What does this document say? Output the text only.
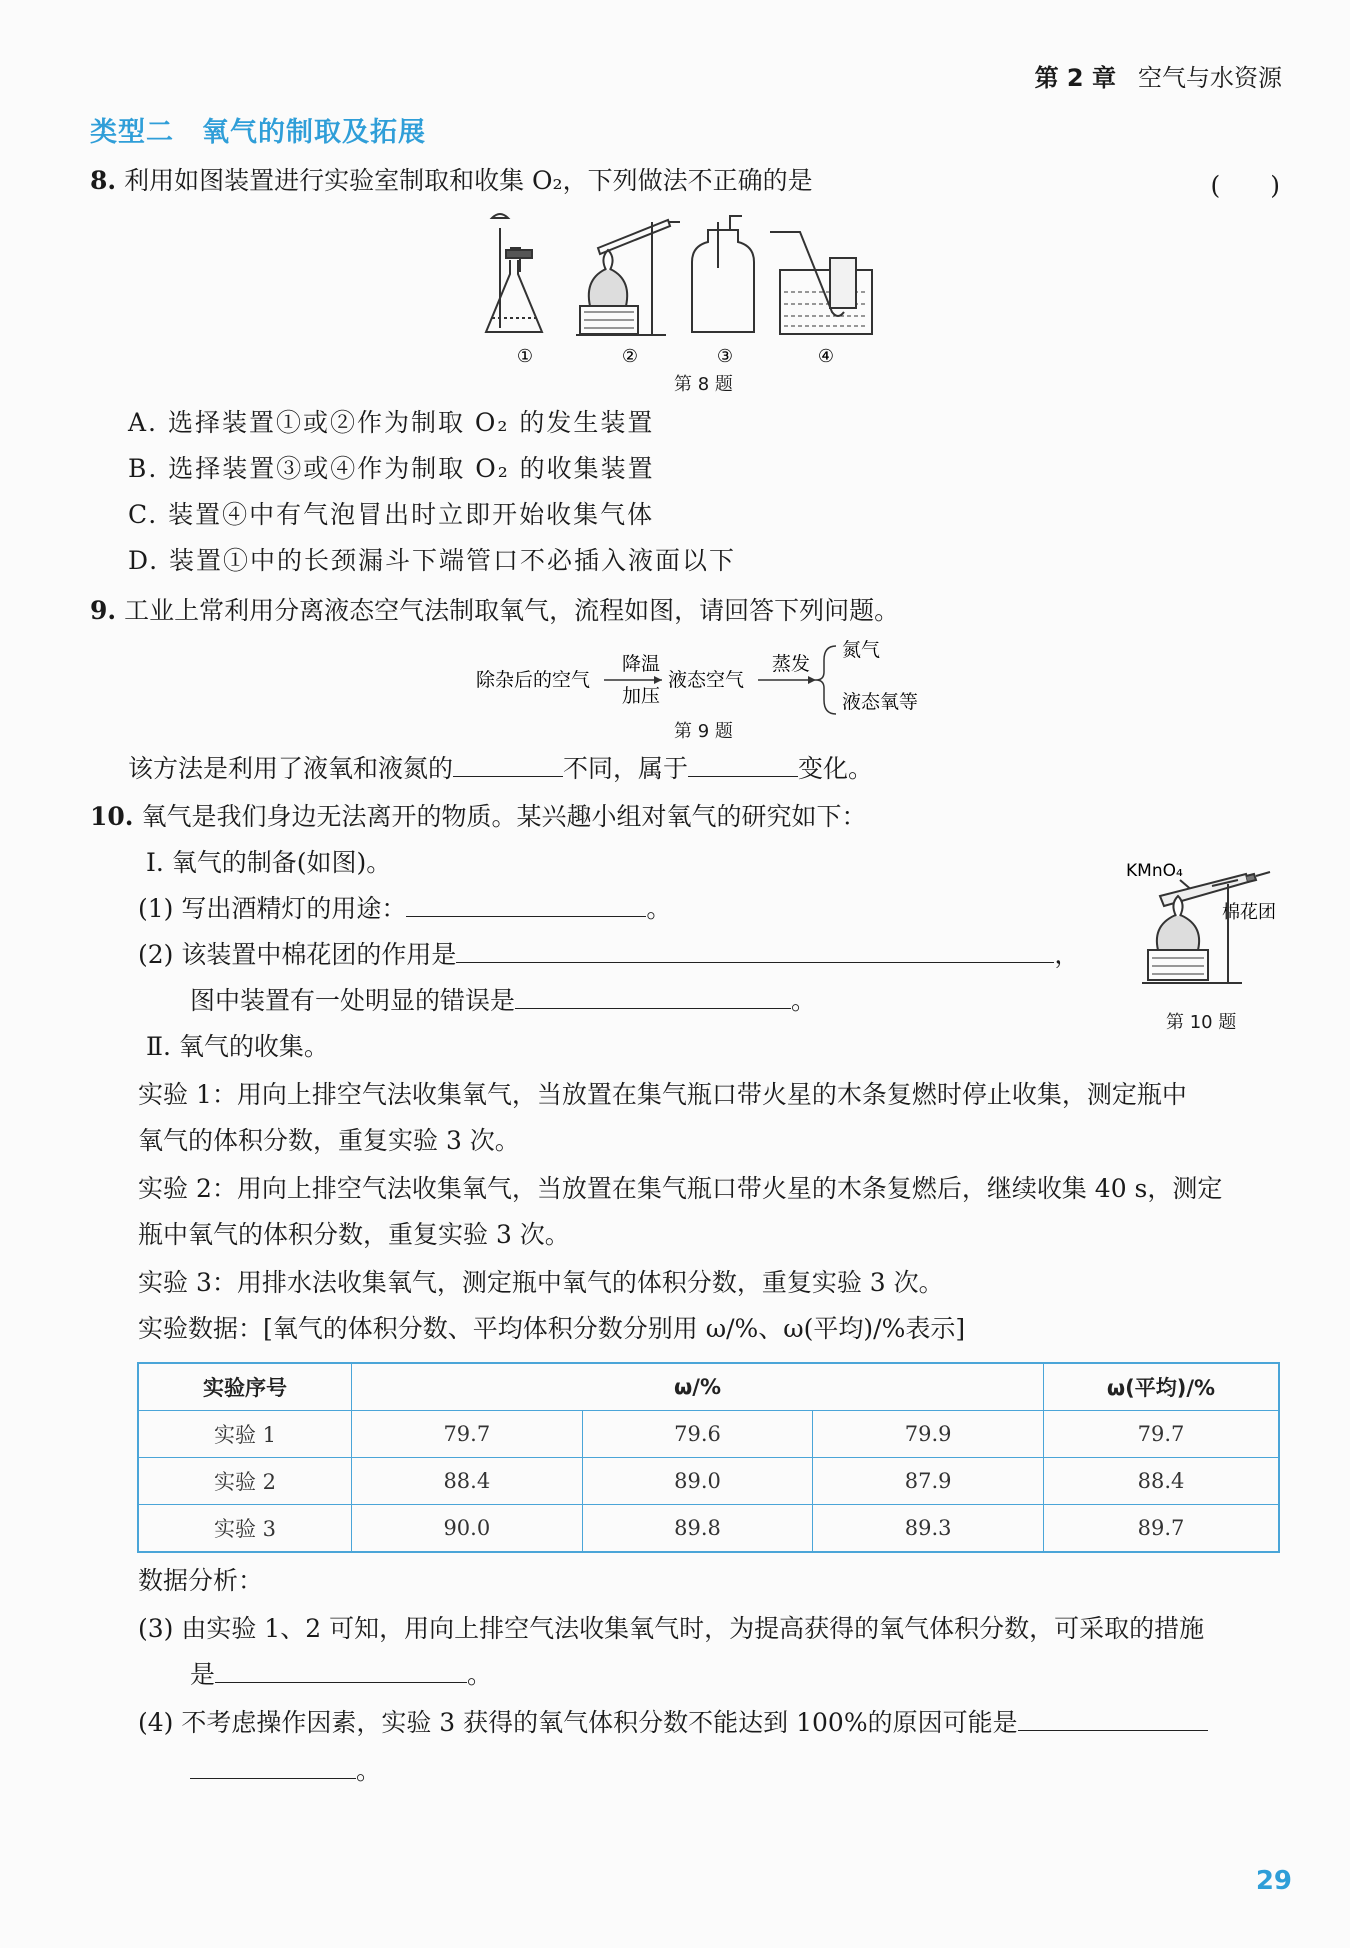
第 2 章 空气与水资源
类型二　氧气的制取及拓展
8. 利用如图装置进行实验室制取和收集 O₂，下列做法不正确的是	(　　)
①	②	③	④
第 8 题
A. 选择装置①或②作为制取 O₂ 的发生装置
B. 选择装置③或④作为制取 O₂ 的收集装置
C. 装置④中有气泡冒出时立即开始收集气体
D. 装置①中的长颈漏斗下端管口不必插入液面以下
9. 工业上常利用分离液态空气法制取氧气，流程如图，请回答下列问题。
除杂后的空气
降温
加压
液态空气
蒸发
氮气
液态氧等
第 9 题
该方法是利用了液氧和液氮的	不同，属于	变化。
10. 氧气是我们身边无法离开的物质。某兴趣小组对氧气的研究如下：
Ⅰ. 氧气的制备(如图)。
(1) 写出酒精灯的用途：	。
(2) 该装置中棉花团的作用是	，
图中装置有一处明显的错误是	。
KMnO₄
棉花团
第 10 题
Ⅱ. 氧气的收集。
实验 1：用向上排空气法收集氧气，当放置在集气瓶口带火星的木条复燃时停止收集，测定瓶中
氧气的体积分数，重复实验 3 次。
实验 2：用向上排空气法收集氧气，当放置在集气瓶口带火星的木条复燃后，继续收集 40 s，测定
瓶中氧气的体积分数，重复实验 3 次。
实验 3：用排水法收集氧气，测定瓶中氧气的体积分数，重复实验 3 次。
实验数据：[氧气的体积分数、平均体积分数分别用 ω/%、ω(平均)/%表示]
实验序号	ω/%			ω(平均)/%
实验 1	79.7	79.6	79.9	79.7
实验 2	88.4	89.0	87.9	88.4
实验 3	90.0	89.8	89.3	89.7
数据分析：
(3) 由实验 1、2 可知，用向上排空气法收集氧气时，为提高获得的氧气体积分数，可采取的措施
是	。
(4) 不考虑操作因素，实验 3 获得的氧气体积分数不能达到 100%的原因可能是
。
29
